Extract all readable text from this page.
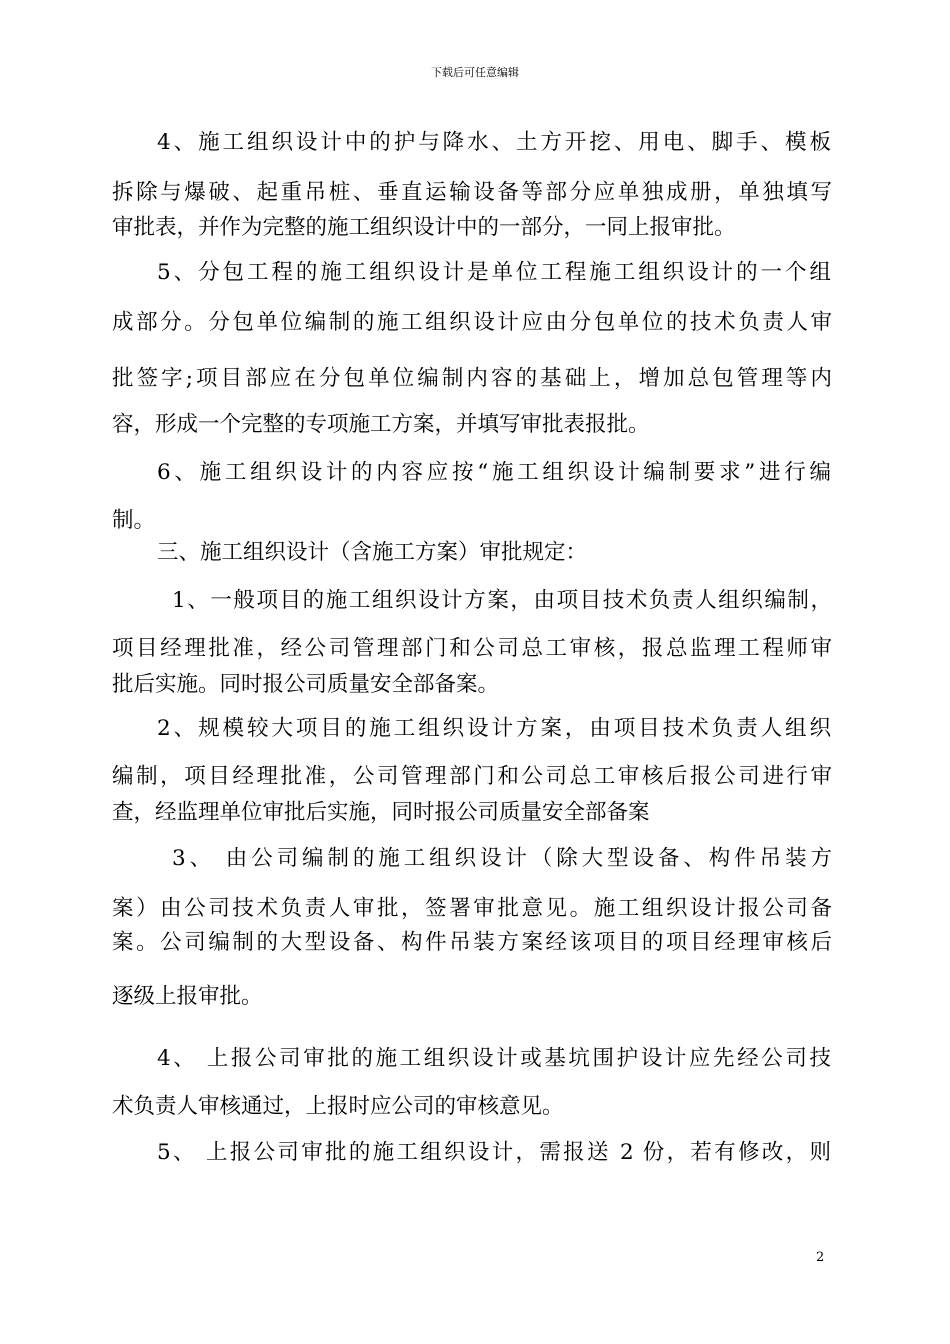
下载后可任意编辑
4、施工组织设计中的护与降水、土方开挖、用电、脚手、模板
拆除与爆破、起重吊桩、垂直运输设备等部分应单独成册，单独填写
审批表，并作为完整的施工组织设计中的一部分，一同上报审批。
5、分包工程的施工组织设计是单位工程施工组织设计的一个组
成部分。分包单位编制的施工组织设计应由分包单位的技术负责人审
批签字;项目部应在分包单位编制内容的基础上，增加总包管理等内
容，形成一个完整的专项施工方案，并填写审批表报批。
6、施工组织设计的内容应按“施工组织设计编制要求”进行编
制。
三、施工组织设计（含施工方案）审批规定：
1、一般项目的施工组织设计方案，由项目技术负责人组织编制，
项目经理批准，经公司管理部门和公司总工审核，报总监理工程师审
批后实施。同时报公司质量安全部备案。
2、规模较大项目的施工组织设计方案，由项目技术负责人组织
编制，项目经理批准，公司管理部门和公司总工审核后报公司进行审
查，经监理单位审批后实施，同时报公司质量安全部备案
3、 由公司编制的施工组织设计（除大型设备、构件吊装方
案）由公司技术负责人审批，签署审批意见。施工组织设计报公司备
案。公司编制的大型设备、构件吊装方案经该项目的项目经理审核后
逐级上报审批。
4、 上报公司审批的施工组织设计或基坑围护设计应先经公司技
术负责人审核通过，上报时应公司的审核意见。
5、 上报公司审批的施工组织设计，需报送 2 份，若有修改，则
2
